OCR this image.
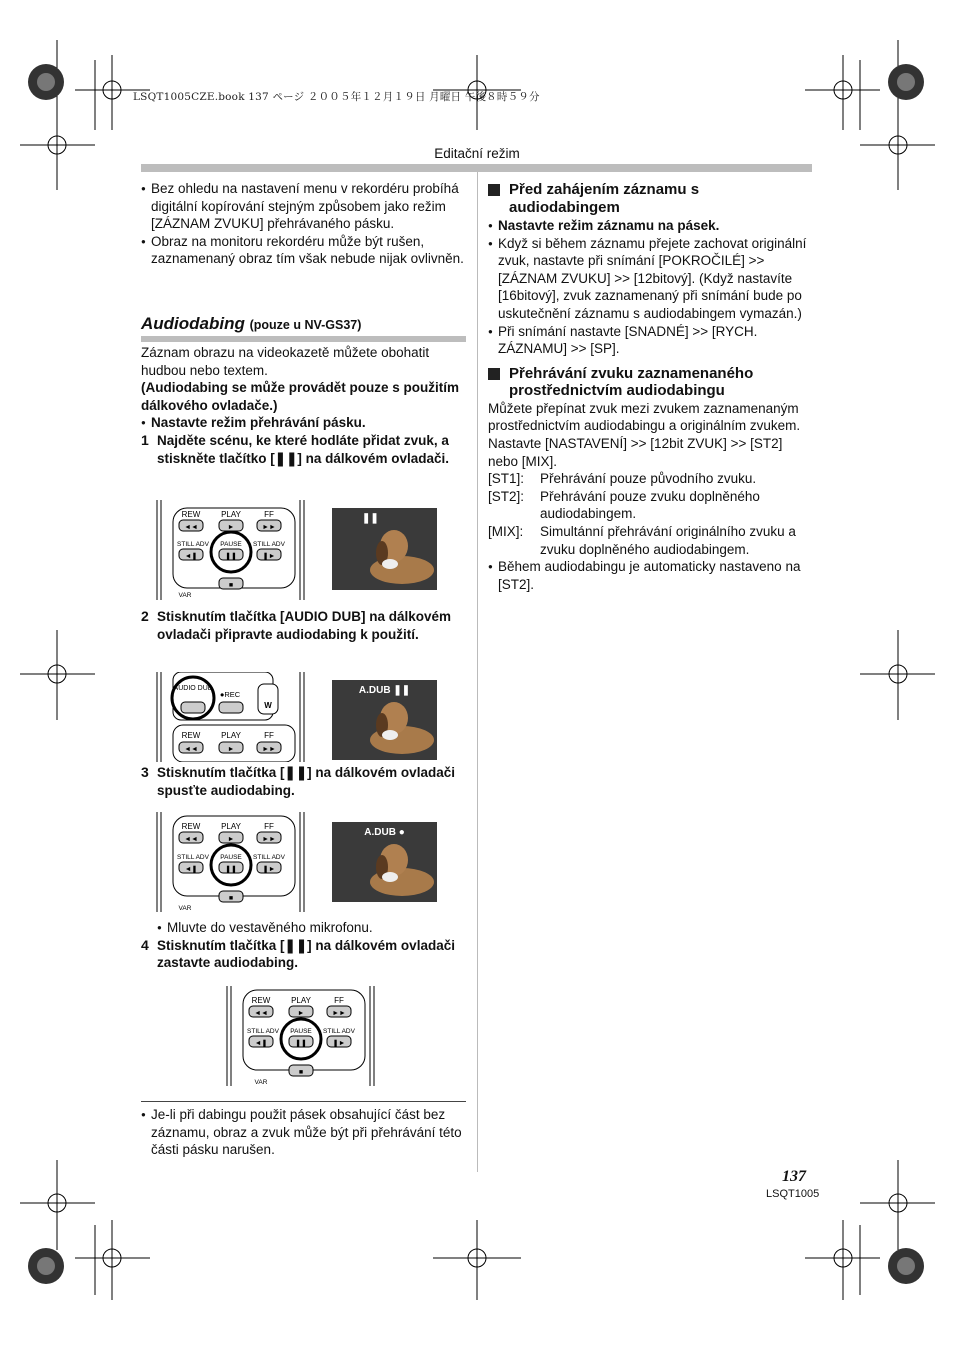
LSQT1005CZE.book 137 ページ ２００５年１２月１９日 月曜日 午後８時５９分
Editační režim
● Bez ohledu na nastavení menu v rekordéru probíhá digitální kopírování stejným způsobem jako režim [ZÁZNAM ZVUKU] přehrávaného pásku.
● Obraz na monitoru rekordéru může být rušen, zaznamenaný obraz tím však nebude nijak ovlivněn.
Audiodabing (pouze u NV-GS37)
Záznam obrazu na videokazetě můžete obohatit hudbou nebo textem.
(Audiodabing se může provádět pouze s použitím dálkového ovladače.)
● Nastavte režim přehrávání pásku.
1 Najděte scénu, ke které hodláte přidat zvuk, a stiskněte tlačítko [❚❚] na dálkovém ovladači.
REW	PLAY	FF
◄◄	►	►►
STILL ADV	STILL ADV
PAUSE
◄❚	❚►
❚❚
■
VAR
❚❚
2 Stisknutím tlačítka [AUDIO DUB] na dálkovém ovladači připravte audiodabing k použití.
AUDIO DUB
●REC
W
REW	PLAY	FF
◄◄	►	►►
A.DUB ❚❚
3 Stisknutím tlačítka [❚❚] na dálkovém ovladači spusťte audiodabing.
REW	PLAY	FF
◄◄	►	►►
STILL ADV	STILL ADV
PAUSE
◄❚	❚►
❚❚
■
VAR
A.DUB ●
● Mluvte do vestavěného mikrofonu.
4 Stisknutím tlačítka [❚❚] na dálkovém ovladači zastavte audiodabing.
REW	PLAY	FF
◄◄	►	►►
STILL ADV	STILL ADV
PAUSE
◄❚	❚►
❚❚
■
VAR
● Je-li při dabingu použit pásek obsahující část bez záznamu, obraz a zvuk může být při přehrávání této části pásku narušen.
Před zahájením záznamu s audiodabingem
● Nastavte režim záznamu na pásek.
● Když si během záznamu přejete zachovat originální zvuk, nastavte při snímání [POKROČILÉ] >> [ZÁZNAM ZVUKU] >> [12bitový]. (Když nastavíte [16bitový], zvuk zaznamenaný při snímání bude po uskutečnění záznamu s audiodabingem vymazán.)
● Při snímání nastavte [SNADNÉ] >> [RYCH. ZÁZNAMU] >> [SP].
Přehrávání zvuku zaznamenaného prostřednictvím audiodabingu
Můžete přepínat zvuk mezi zvukem zaznamenaným prostřednictvím audiodabingu a originálním zvukem.
Nastavte [NASTAVENÍ] >> [12bit ZVUK] >> [ST2] nebo [MIX].
[ST1]:	Přehrávání pouze původního zvuku.
[ST2]:	Přehrávání pouze zvuku doplněného audiodabingem.
[MIX]:	Simultánní přehrávání originálního zvuku a zvuku doplněného audiodabingem.
● Během audiodabingu je automaticky nastaveno na [ST2].
137
LSQT1005
